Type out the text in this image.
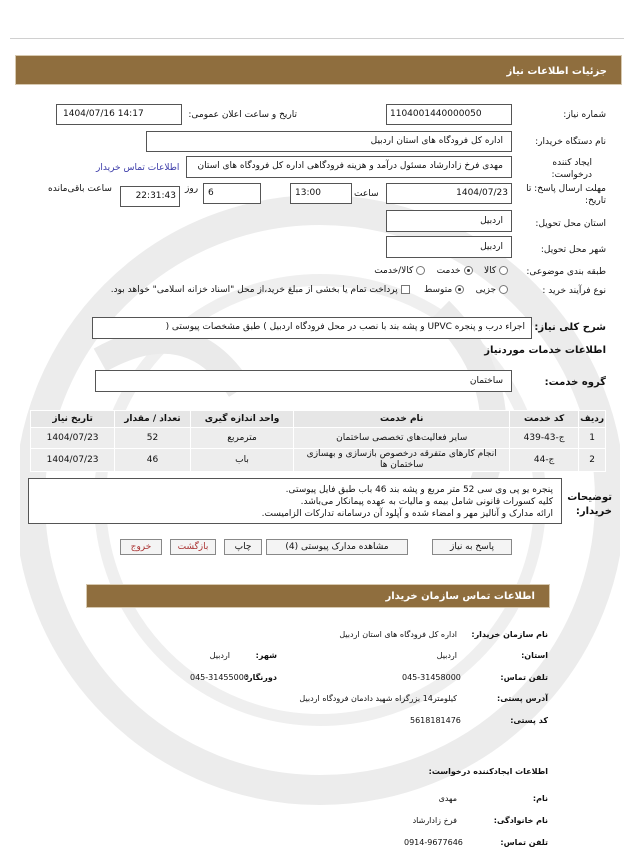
جزئیات اطلاعات نیاز
شماره نیاز:
1104001440000050
تاریخ و ساعت اعلان عمومی:
1404/07/16 14:17
نام دستگاه خریدار:
اداره کل فرودگاه های استان اردبیل
ایجاد کننده درخواست:
مهدی فرخ زادارشاد مسئول درآمد و هزینه فرودگاهی اداره کل فرودگاه های استان
اطلاعات تماس خریدار
مهلت ارسال پاسخ: تا تاریخ:
1404/07/23
ساعت
13:00
6
روز
22:31:43
ساعت باقی‌مانده
استان محل تحویل:
اردبیل
شهر محل تحویل:
اردبیل
طبقه بندی موضوعی:
کالا     خدمت     کالا/خدمت
نوع فرآیند خرید :
جزیی     متوسط      پرداخت تمام یا بخشی از مبلغ خرید،از محل "اسناد خزانه اسلامی" خواهد بود.
شرح کلی نیاز:
اجراء درب و پنجره UPVC و پشه بند با نصب در محل فرودگاه اردبیل ) طبق مشخصات پیوستی (
اطلاعات خدمات موردنیاز
گروه خدمت:
ساختمان
ردیف	کد خدمت	نام خدمت	واحد اندازه گیری	تعداد / مقدار	تاریخ نیاز
1	ج-43-439	سایر فعالیت‌های تخصصی ساختمان	مترمربع	52	1404/07/23
2	ج-44	انجام کارهای متفرقه درخصوص بازسازی و بهسازی ساختمان ها	باب	46	1404/07/23
توضیحات خریدار:
پنجره یو پی وی سی 52 متر مربع و پشه بند 46 باب طبق فایل پیوستی.
کلیه کسورات قانونی شامل بیمه و مالیات به عهده پیمانکار می‌باشد.
ارائه مدارک و آنالیز مهر و امضاء شده و آپلود آن درسامانه تدارکات الزامیست.
پاسخ به نیاز
مشاهده مدارک پیوستی (4)
چاپ
بازگشت
خروج
اطلاعات تماس سازمان خریدار
نام سازمان خریدار:
اداره کل فرودگاه های استان اردبیل
استان:
اردبیل
شهر:
اردبیل
تلفن تماس:
045-31458000
دورنگار:
045-31455000
آدرس پستی:
کیلومتر14 بزرگراه شهید دادمان فرودگاه اردبیل
کد پستی:
5618181476
اطلاعات ایجادکننده درخواست:
نام:
مهدی
نام خانوادگی:
فرخ زادارشاد
تلفن تماس:
0914-9677646
